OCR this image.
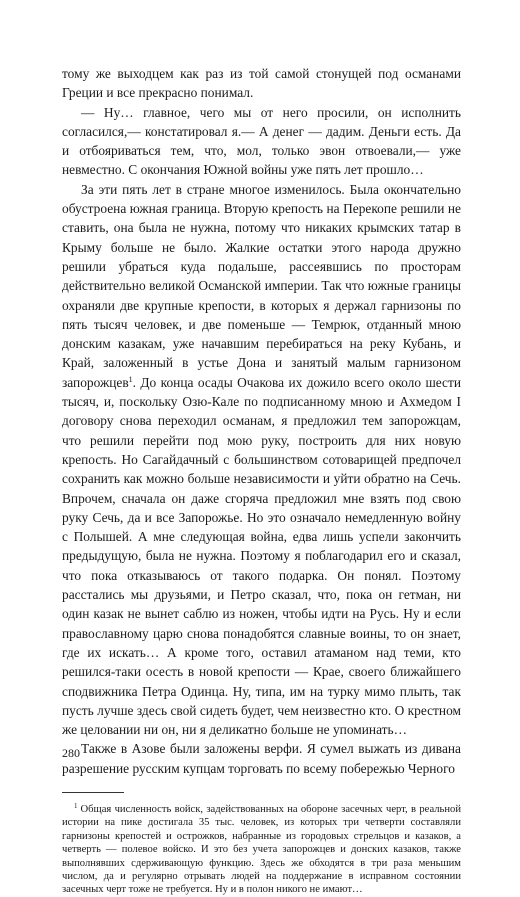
тому же выходцем как раз из той самой стонущей под османами Греции и все прекрасно понимал.

— Ну… главное, чего мы от него просили, он исполнить согласился,— констатировал я.— А денег — дадим. Деньги есть. Да и отбояриваться тем, что, мол, только эвон отвоевали,— уже невместно. С окончания Южной войны уже пять лет прошло…

За эти пять лет в стране многое изменилось. Была окончательно обустроена южная граница. Вторую крепость на Перекопе решили не ставить, она была не нужна, потому что никаких крымских татар в Крыму больше не было. Жалкие остатки этого народа дружно решили убраться куда подальше, рассеявшись по просторам действительно великой Османской империи. Так что южные границы охраняли две крупные крепости, в которых я держал гарнизоны по пять тысяч человек, и две поменьше — Темрюк, отданный мною донским казакам, уже начавшим перебираться на реку Кубань, и Край, заложенный в устье Дона и занятый малым гарнизоном запорожцев$^1$. До конца осады Очакова их дожило всего около шести тысяч, и, поскольку Озю-Кале по подписанному мною и Ахмедом I договору снова переходил османам, я предложил тем запорожцам, что решили перейти под мою руку, построить для них новую крепость. Но Сагайдачный с большинством сотоварищей предпочел сохранить как можно больше независимости и уйти обратно на Сечь. Впрочем, сначала он даже сгоряча предложил мне взять под свою руку Сечь, да и все Запорожье. Но это означало немедленную войну с Полышей. А мне следующая война, едва лишь успели закончить предыдущую, была не нужна. Поэтому я поблагодарил его и сказал, что пока отказываюсь от такого подарка. Он понял. Поэтому расстались мы друзьями, и Петро сказал, что, пока он гетман, ни один казак не вынет саблю из ножен, чтобы идти на Русь. Ну и если православному царю снова понадобятся славные воины, то он знает, где их искать… А кроме того, оставил атаманом над теми, кто решился-таки осесть в новой крепости — Крае, своего ближайшего сподвижника Петра Одинца. Ну, типа, им на турку мимо плыть, так пусть лучше здесь свой сидеть будет, чем неизвестно кто. О крестном же целовании ни он, ни я деликатно больше не упоминать…

Также в Азове были заложены верфи. Я сумел выжать из дивана разрешение русским купцам торговать по всему побережью Черного

$^1$ Общая численность войск, задействованных на обороне засечных черт, в реальной истории на пике достигала 35 тыс. человек, из которых три четверти составляли гарнизоны крепостей и острожков, набранные из городовых стрельцов и казаков, а четверть — полевое войско. И это без учета запорожцев и донских казаков, также выполнявших сдерживающую функцию. Здесь же обходятся в три раза меньшим числом, да и регулярно отрывать людей на поддержание в исправном состоянии засечных черт тоже не требуется. Ну и в полон никого не имают…
280
